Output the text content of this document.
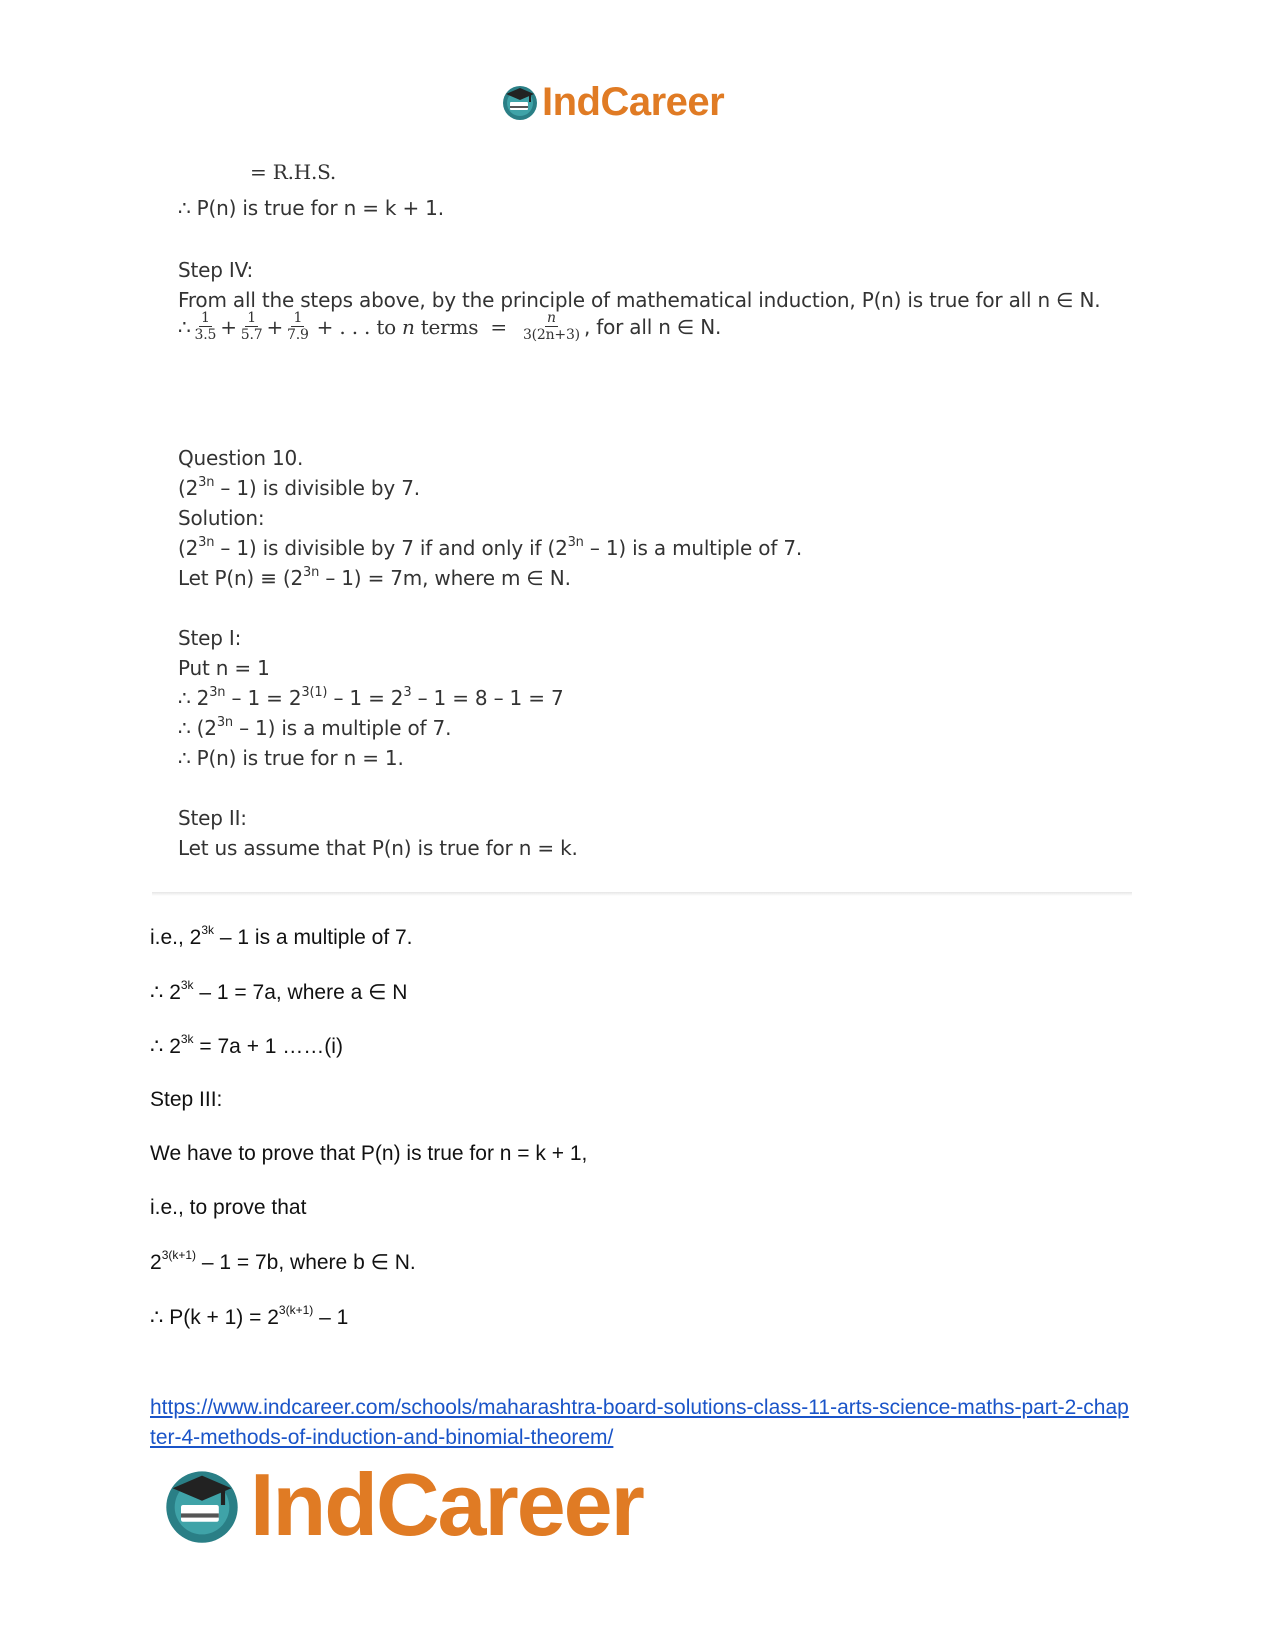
IndCareer
= R.H.S.
∴ P(n) is true for n = k + 1.
Step IV:
From all the steps above, by the principle of mathematical induction, P(n) is true for all n ∈ N.
∴ $\frac{1}{3.5} + \frac{1}{5.7} + \frac{1}{7.9}$ + . . . to n terms = $\frac{n}{3(2n+3)}$ , for all n ∈ N.
Question 10.
$(2^{3n} - 1)$ is divisible by 7.
Solution:
$(2^{3n} - 1)$ is divisible by 7 if and only if $(2^{3n} - 1)$ is a multiple of 7.
Let $P(n) \equiv (2^{3n} - 1) = 7m$, where m ∈ N.
Step I:
Put n = 1
∴ $2^{3n} - 1 = 2^{3(1)} - 1 = 2^3 - 1 = 8 - 1 = 7$
∴ $(2^{3n} - 1)$ is a multiple of 7.
∴ P(n) is true for n = 1.
Step II:
Let us assume that P(n) is true for n = k.
i.e., $2^{3k} - 1$ is a multiple of 7.
∴ $2^{3k} - 1 = 7a$, where a ∈ N
∴ $2^{3k} = 7a + 1$ ……(i)
Step III:
We have to prove that P(n) is true for n = k + 1,
i.e., to prove that
$2^{3(k+1)} - 1 = 7b$, where b ∈ N.
∴ $P(k + 1) = 2^{3(k+1)} - 1$
https://www.indcareer.com/schools/maharashtra-board-solutions-class-11-arts-science-maths-part-2-chapter-4-methods-of-induction-and-binomial-theorem/
IndCareer
